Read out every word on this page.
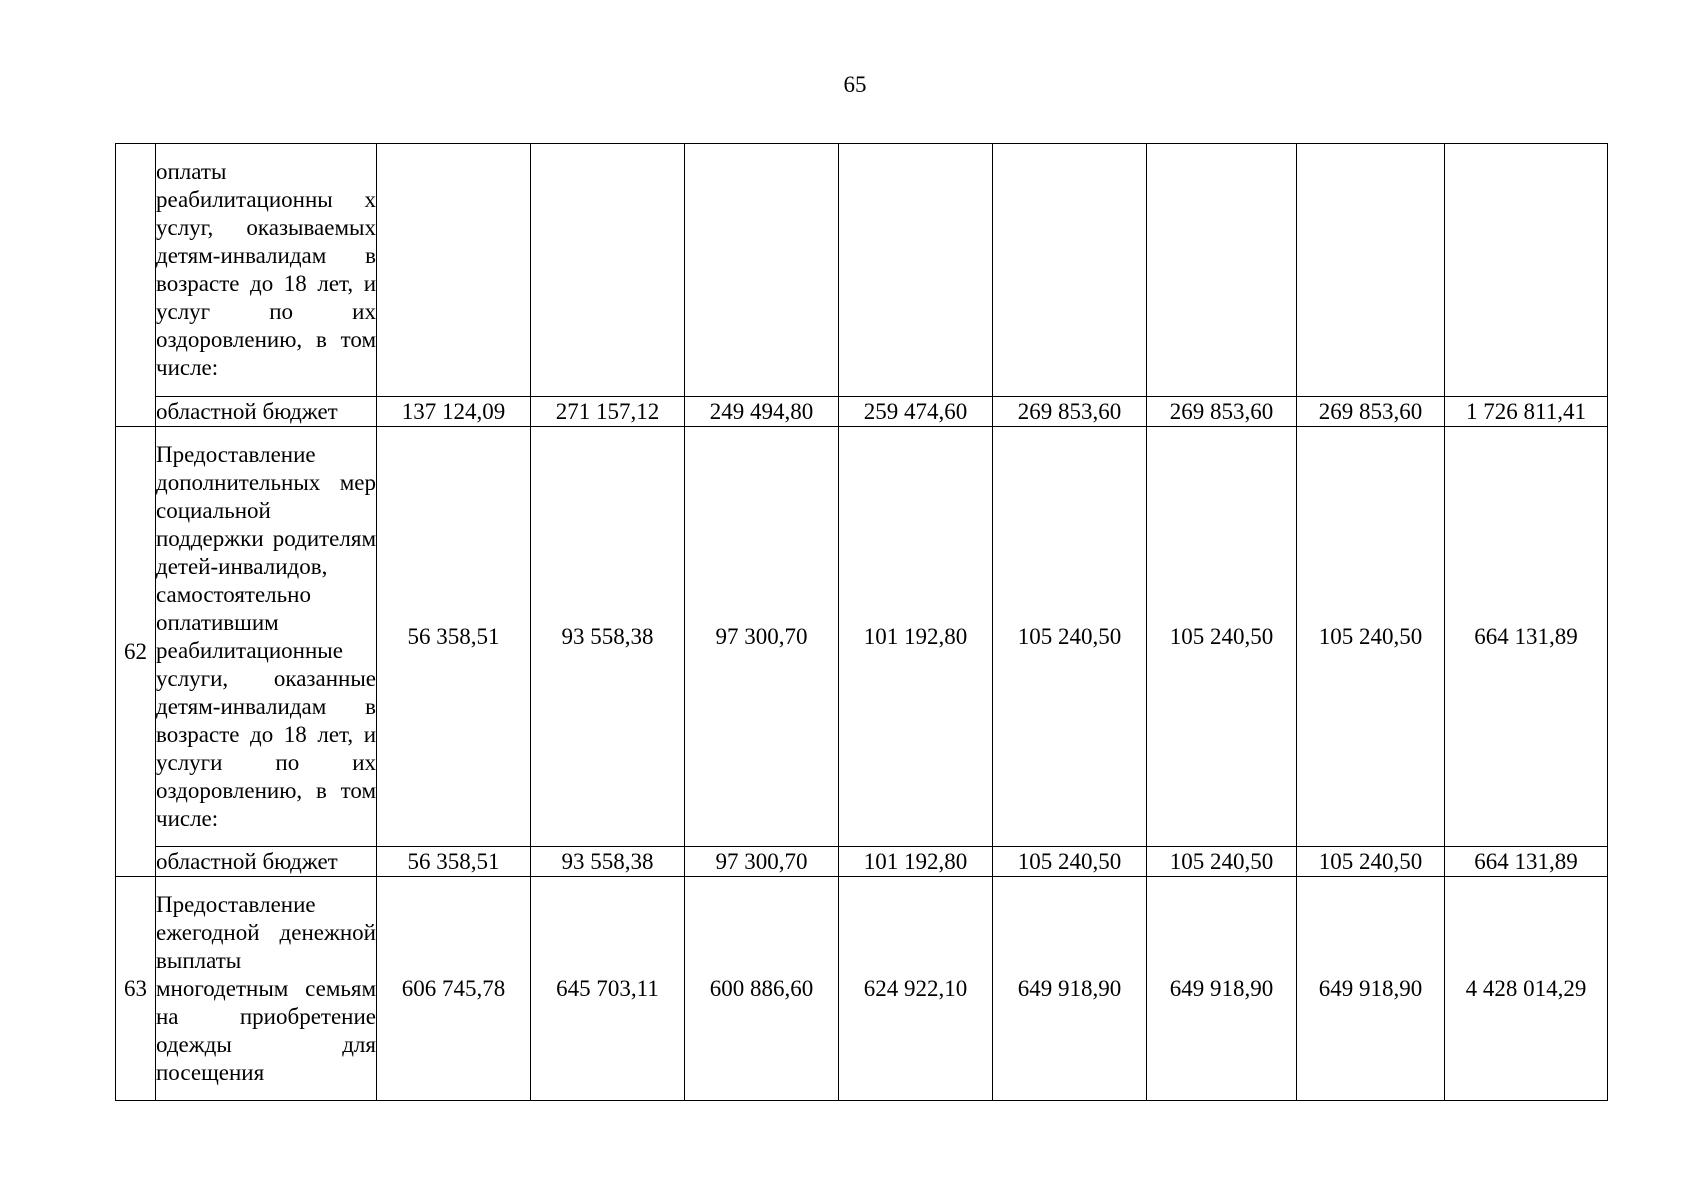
65

	оплаты реабилитационны х услуг, оказываемых детям-инвалидам в возрасте до 18 лет, и услуг по их оздоровлению, в том числе:								

	областной бюджет	137 124,09	271 157,12	249 494,80	259 474,60	269 853,60	269 853,60	269 853,60	1 726 811,41
62	Предоставление дополнительных мер социальной поддержки родителям детей-инвалидов, самостоятельно оплатившим реабилитационные услуги, оказанные детям-инвалидам в возрасте до 18 лет, и услуги по их оздоровлению, в том числе:	56 358,51	93 558,38	97 300,70	101 192,80	105 240,50	105 240,50	105 240,50	664 131,89
	областной бюджет	56 358,51	93 558,38	97 300,70	101 192,80	105 240,50	105 240,50	105 240,50	664 131,89
63	Предоставление ежегодной денежной выплаты многодетным семьям на приобретение одежды для посещения	606 745,78	645 703,11	600 886,60	624 922,10	649 918,90	649 918,90	649 918,90	4 428 014,29
